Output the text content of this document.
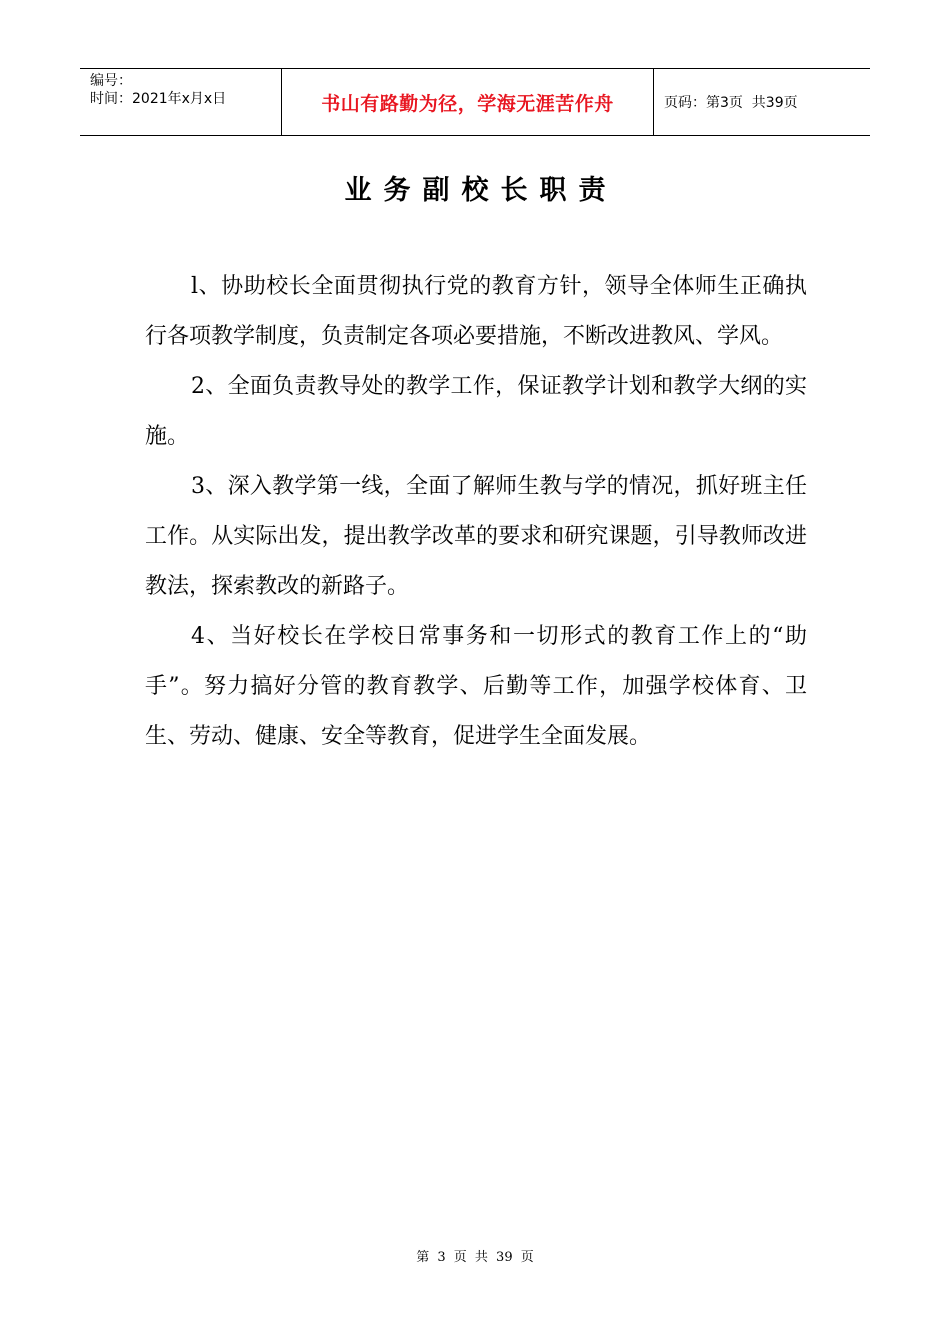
编号：
时间：2021年x月x日	书山有路勤为径，学海无涯苦作舟	页码：第3页  共39页
业务副校长职责

l、协助校长全面贯彻执行党的教育方针，领导全体师生正确执行各项教学制度，负责制定各项必要措施，不断改进教风、学风。

2、全面负责教导处的教学工作，保证教学计划和教学大纲的实施。

3、深入教学第一线，全面了解师生教与学的情况，抓好班主任工作。从实际出发，提出教学改革的要求和研究课题，引导教师改进教法，探索教改的新路子。

4、当好校长在学校日常事务和一切形式的教育工作上的“助手”。努力搞好分管的教育教学、后勤等工作，加强学校体育、卫生、劳动、健康、安全等教育，促进学生全面发展。

第 3 页 共 39 页
